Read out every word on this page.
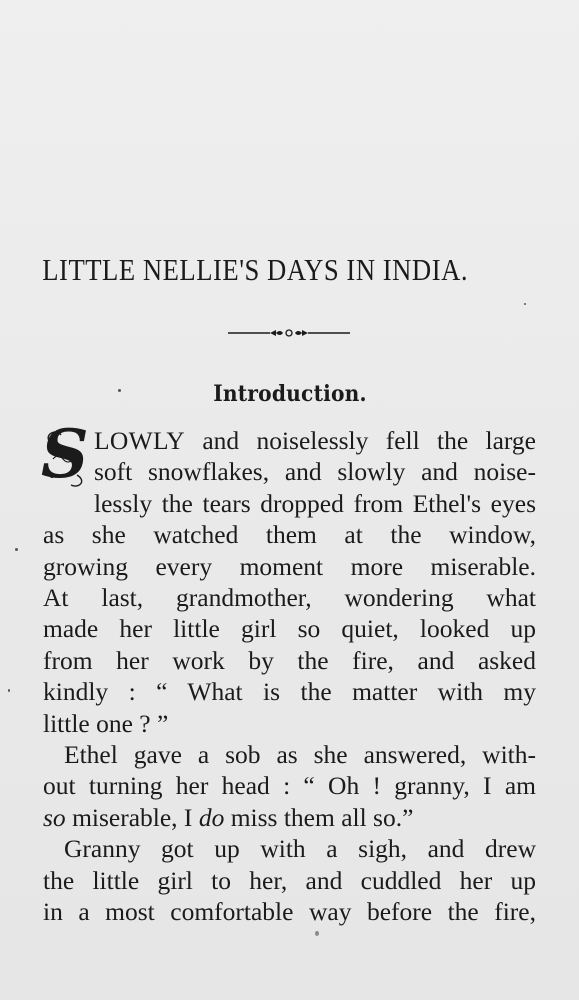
LITTLE NELLIE'S DAYS IN INDIA.
Introduction.
S LOWLY and noiselessly fell the large
soft snowflakes, and slowly and noise-
lessly the tears dropped from Ethel's eyes
as she watched them at the window,
growing every moment more miserable.
At last, grandmother, wondering what
made her little girl so quiet, looked up
from her work by the fire, and asked
kindly : “ What is the matter with my
little one ? ”
Ethel gave a sob as she answered, with-
out turning her head : “ Oh ! granny, I am
so miserable, I do miss them all so.”
Granny got up with a sigh, and drew
the little girl to her, and cuddled her up
in a most comfortable way before the fire,
